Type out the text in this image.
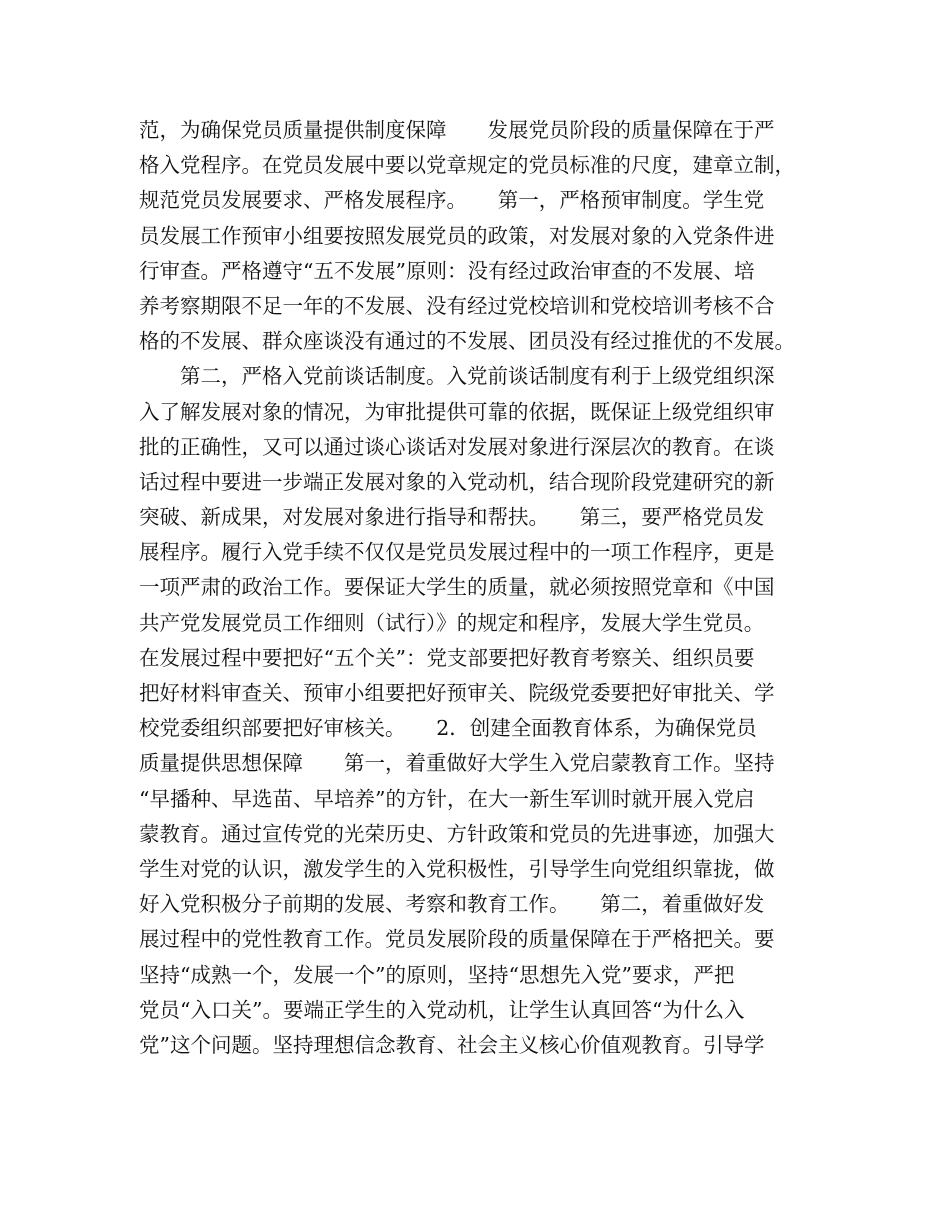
范，为确保党员质量提供制度保障　　发展党员阶段的质量保障在于严
格入党程序。在党员发展中要以党章规定的党员标准的尺度，建章立制，
规范党员发展要求、严格发展程序。　　第一，严格预审制度。学生党
员发展工作预审小组要按照发展党员的政策，对发展对象的入党条件进
行审查。严格遵守“五不发展”原则：没有经过政治审查的不发展、培
养考察期限不足一年的不发展、没有经过党校培训和党校培训考核不合
格的不发展、群众座谈没有通过的不发展、团员没有经过推优的不发展。
　　第二，严格入党前谈话制度。入党前谈话制度有利于上级党组织深
入了解发展对象的情况，为审批提供可靠的依据，既保证上级党组织审
批的正确性，又可以通过谈心谈话对发展对象进行深层次的教育。在谈
话过程中要进一步端正发展对象的入党动机，结合现阶段党建研究的新
突破、新成果，对发展对象进行指导和帮扶。　　第三，要严格党员发
展程序。履行入党手续不仅仅是党员发展过程中的一项工作程序，更是
一项严肃的政治工作。要保证大学生的质量，就必须按照党章和《中国
共产党发展党员工作细则（试行）》的规定和程序，发展大学生党员。
在发展过程中要把好“五个关”：党支部要把好教育考察关、组织员要
把好材料审查关、预审小组要把好预审关、院级党委要把好审批关、学
校党委组织部要把好审核关。　　2．创建全面教育体系，为确保党员
质量提供思想保障　　第一，着重做好大学生入党启蒙教育工作。坚持
“早播种、早选苗、早培养”的方针，在大一新生军训时就开展入党启
蒙教育。通过宣传党的光荣历史、方针政策和党员的先进事迹，加强大
学生对党的认识，激发学生的入党积极性，引导学生向党组织靠拢，做
好入党积极分子前期的发展、考察和教育工作。　　第二，着重做好发
展过程中的党性教育工作。党员发展阶段的质量保障在于严格把关。要
坚持“成熟一个，发展一个”的原则，坚持“思想先入党”要求，严把
党员“入口关”。要端正学生的入党动机，让学生认真回答“为什么入
党”这个问题。坚持理想信念教育、社会主义核心价值观教育。引导学
